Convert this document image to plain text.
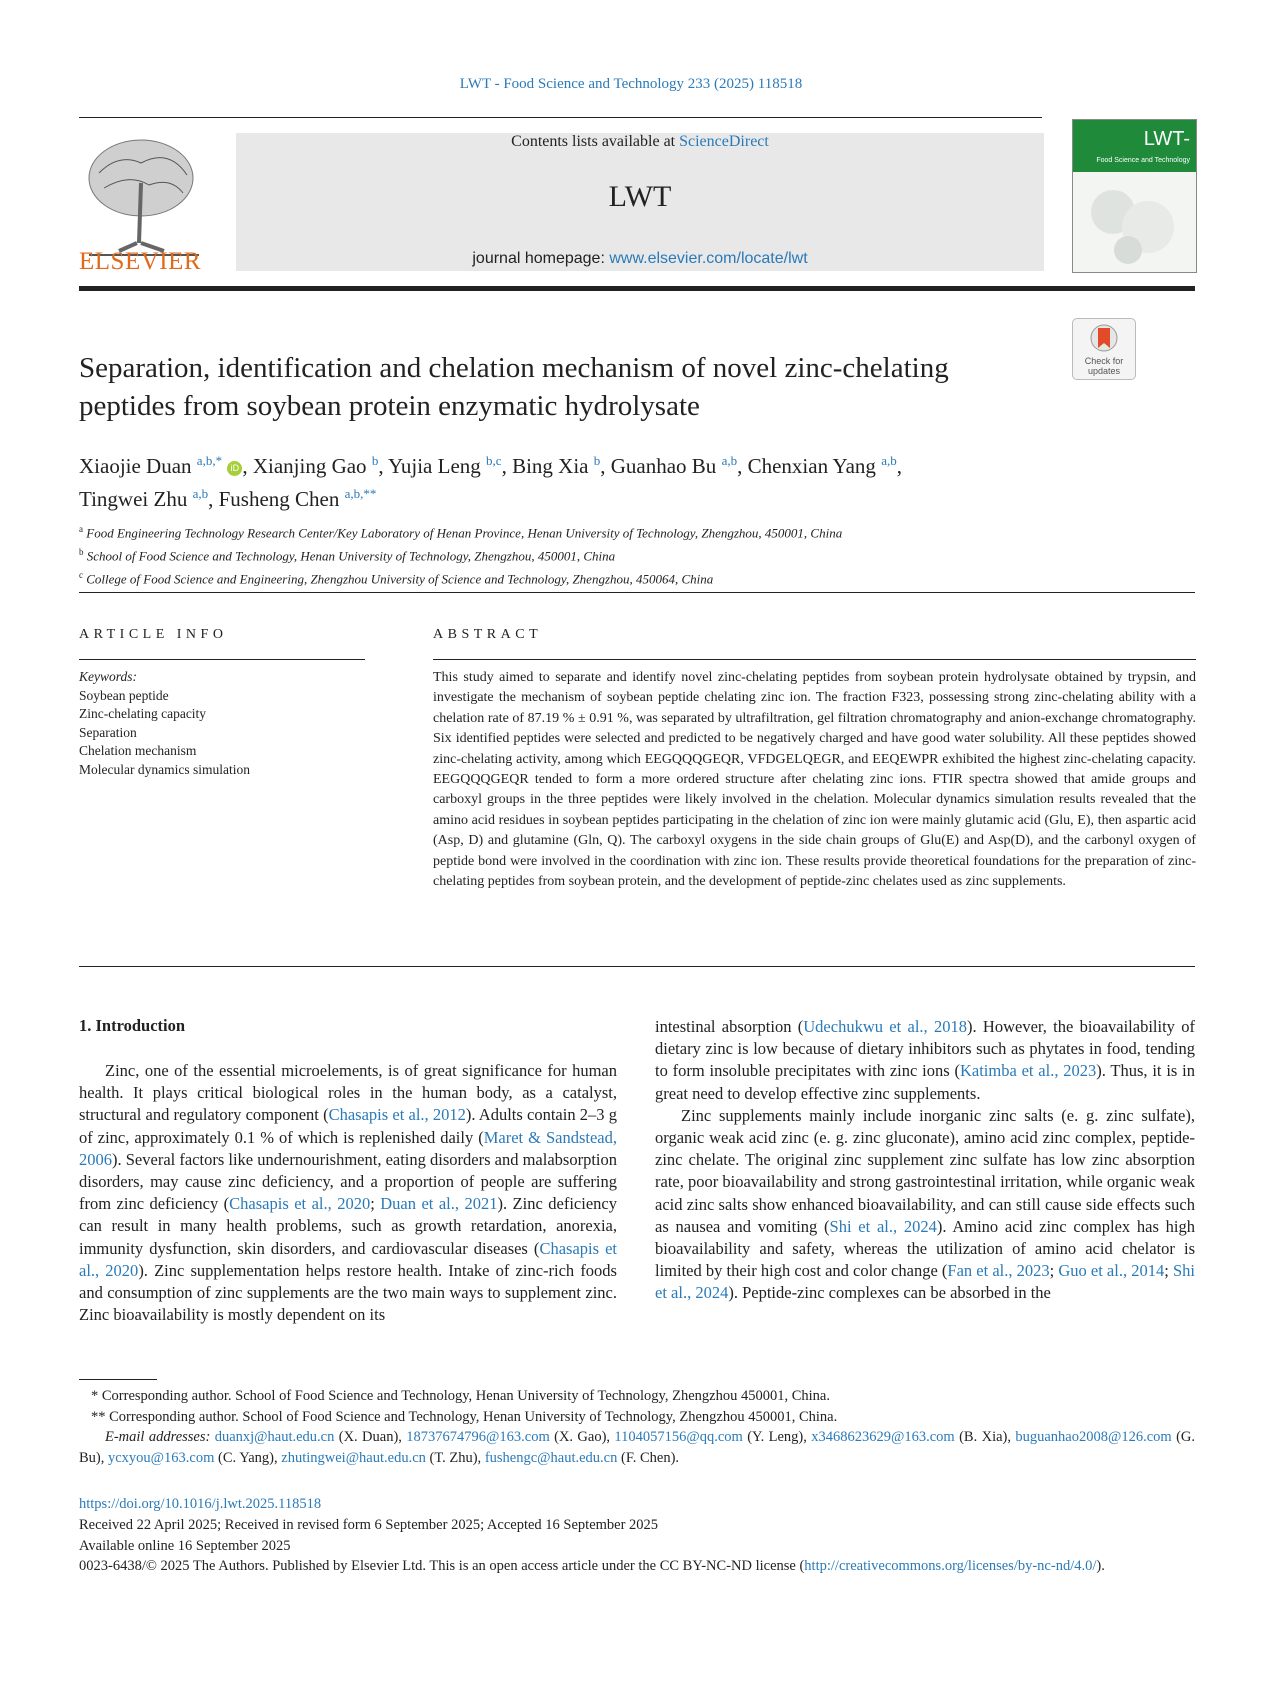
LWT - Food Science and Technology 233 (2025) 118518
ELSEVIER
Contents lists available at ScienceDirect
LWT
journal homepage: www.elsevier.com/locate/lwt
LWT-
Food Science and Technology
Check for
updates
Separation, identification and chelation mechanism of novel zinc-chelating
peptides from soybean protein enzymatic hydrolysate
Xiaojie Duan $^{a,b,*}$ iD , Xianjing Gao $^b$, Yujia Leng $^{b,c}$, Bing Xia $^b$, Guanhao Bu $^{a,b}$, Chenxian Yang $^{a,b}$,
Tingwei Zhu $^{a,b}$, Fusheng Chen $^{a,b,**}$
$^a$ Food Engineering Technology Research Center/Key Laboratory of Henan Province, Henan University of Technology, Zhengzhou, 450001, China
$^b$ School of Food Science and Technology, Henan University of Technology, Zhengzhou, 450001, China
$^c$ College of Food Science and Engineering, Zhengzhou University of Science and Technology, Zhengzhou, 450064, China
ARTICLE INFO
Keywords:
Soybean peptide
Zinc-chelating capacity
Separation
Chelation mechanism
Molecular dynamics simulation
ABSTRACT
This study aimed to separate and identify novel zinc-chelating peptides from soybean protein hydrolysate obtained by trypsin, and investigate the mechanism of soybean peptide chelating zinc ion. The fraction F323, possessing strong zinc-chelating ability with a chelation rate of 87.19 % ± 0.91 %, was separated by ultrafiltration, gel filtration chromatography and anion-exchange chromatography. Six identified peptides were selected and predicted to be negatively charged and have good water solubility. All these peptides showed zinc-chelating activity, among which EEGQQQGEQR, VFDGELQEGR, and EEQEWPR exhibited the highest zinc-chelating capacity. EEGQQQGEQR tended to form a more ordered structure after chelating zinc ions. FTIR spectra showed that amide groups and carboxyl groups in the three peptides were likely involved in the chelation. Molecular dynamics simulation results revealed that the amino acid residues in soybean peptides participating in the chelation of zinc ion were mainly glutamic acid (Glu, E), then aspartic acid (Asp, D) and glutamine (Gln, Q). The carboxyl oxygens in the side chain groups of Glu(E) and Asp(D), and the carbonyl oxygen of peptide bond were involved in the coordination with zinc ion. These results provide theoretical foundations for the preparation of zinc-chelating peptides from soybean protein, and the development of peptide-zinc chelates used as zinc supplements.
1. Introduction

Zinc, one of the essential microelements, is of great significance for human health. It plays critical biological roles in the human body, as a catalyst, structural and regulatory component (Chasapis et al., 2012). Adults contain 2–3 g of zinc, approximately 0.1 % of which is replenished daily (Maret & Sandstead, 2006). Several factors like undernourishment, eating disorders and malabsorption disorders, may cause zinc deficiency, and a proportion of people are suffering from zinc deficiency (Chasapis et al., 2020; Duan et al., 2021). Zinc deficiency can result in many health problems, such as growth retardation, anorexia, immunity dysfunction, skin disorders, and cardiovascular diseases (Chasapis et al., 2020). Zinc supplementation helps restore health. Intake of zinc-rich foods and consumption of zinc supplements are the two main ways to supplement zinc. Zinc bioavailability is mostly dependent on its

intestinal absorption (Udechukwu et al., 2018). However, the bioavailability of dietary zinc is low because of dietary inhibitors such as phytates in food, tending to form insoluble precipitates with zinc ions (Katimba et al., 2023). Thus, it is in great need to develop effective zinc supplements.

Zinc supplements mainly include inorganic zinc salts (e. g. zinc sulfate), organic weak acid zinc (e. g. zinc gluconate), amino acid zinc complex, peptide-zinc chelate. The original zinc supplement zinc sulfate has low zinc absorption rate, poor bioavailability and strong gastrointestinal irritation, while organic weak acid zinc salts show enhanced bioavailability, and can still cause side effects such as nausea and vomiting (Shi et al., 2024). Amino acid zinc complex has high bioavailability and safety, whereas the utilization of amino acid chelator is limited by their high cost and color change (Fan et al., 2023; Guo et al., 2014; Shi et al., 2024). Peptide-zinc complexes can be absorbed in the

* Corresponding author. School of Food Science and Technology, Henan University of Technology, Zhengzhou 450001, China.
** Corresponding author. School of Food Science and Technology, Henan University of Technology, Zhengzhou 450001, China.
E-mail addresses: duanxj@haut.edu.cn (X. Duan), 18737674796@163.com (X. Gao), 1104057156@qq.com (Y. Leng), x3468623629@163.com (B. Xia), buguanhao2008@126.com (G. Bu), ycxyou@163.com (C. Yang), zhutingwei@haut.edu.cn (T. Zhu), fushengc@haut.edu.cn (F. Chen).
https://doi.org/10.1016/j.lwt.2025.118518
Received 22 April 2025; Received in revised form 6 September 2025; Accepted 16 September 2025
Available online 16 September 2025
0023-6438/© 2025 The Authors. Published by Elsevier Ltd. This is an open access article under the CC BY-NC-ND license (http://creativecommons.org/licenses/by-nc-nd/4.0/).
